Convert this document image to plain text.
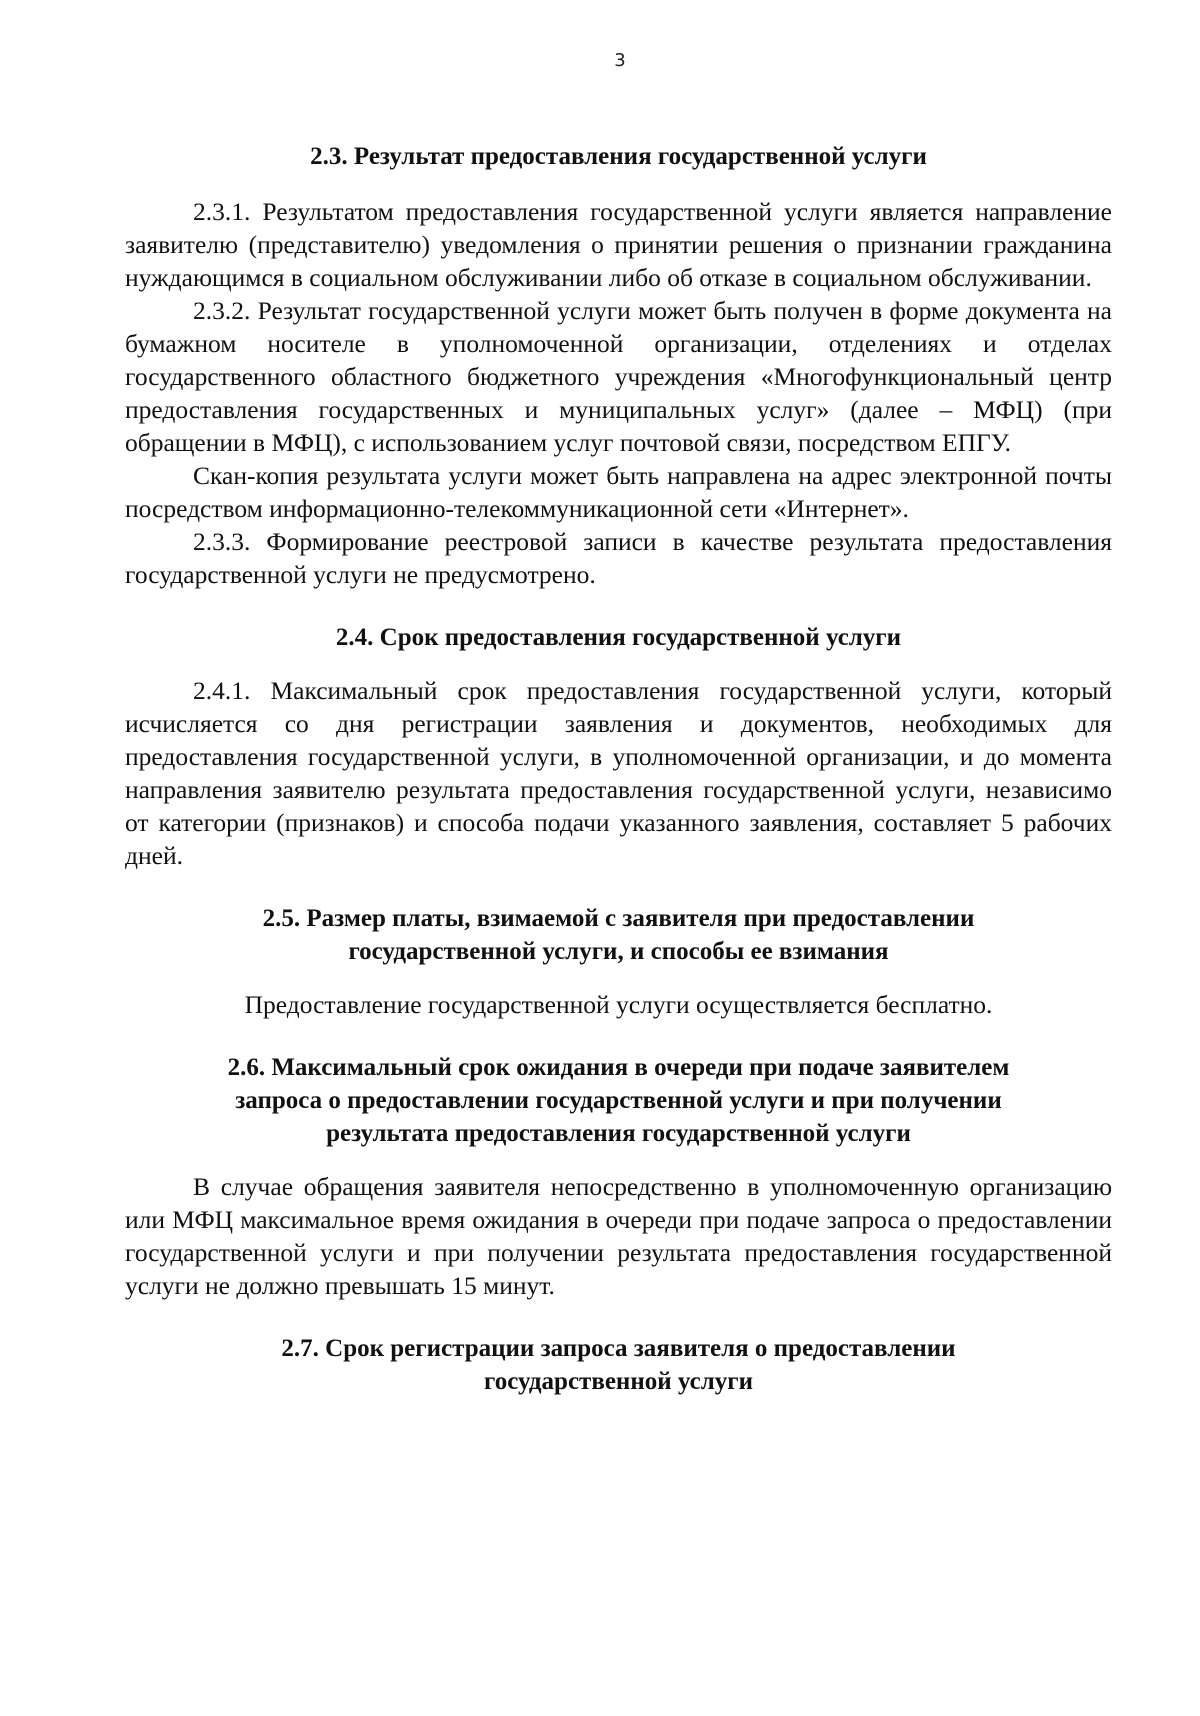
3
2.3. Результат предоставления государственной услуги

2.3.1. Результатом предоставления государственной услуги является направление заявителю (представителю) уведомления о принятии решения о признании гражданина нуждающимся в социальном обслуживании либо об отказе в социальном обслуживании.

2.3.2. Результат государственной услуги может быть получен в форме документа на бумажном носителе в уполномоченной организации, отделениях и отделах государственного областного бюджетного учреждения «Многофункциональный центр предоставления государственных и муниципальных услуг» (далее – МФЦ) (при обращении в МФЦ), с использованием услуг почтовой связи, посредством ЕПГУ.

Скан-копия результата услуги может быть направлена на адрес электронной почты посредством информационно-телекоммуникационной сети «Интернет».

2.3.3. Формирование реестровой записи в качестве результата предоставления государственной услуги не предусмотрено.

2.4. Срок предоставления государственной услуги

2.4.1. Максимальный срок предоставления государственной услуги, который исчисляется со дня регистрации заявления и документов, необходимых для предоставления государственной услуги, в уполномоченной организации, и до момента направления заявителю результата предоставления государственной услуги, независимо от категории (признаков) и способа подачи указанного заявления, составляет 5 рабочих дней.

2.5. Размер платы, взимаемой с заявителя при предоставлении
государственной услуги, и способы ее взимания

Предоставление государственной услуги осуществляется бесплатно.

2.6. Максимальный срок ожидания в очереди при подаче заявителем
запроса о предоставлении государственной услуги и при получении
результата предоставления государственной услуги

В случае обращения заявителя непосредственно в уполномоченную организацию или МФЦ максимальное время ожидания в очереди при подаче запроса о предоставлении государственной услуги и при получении результата предоставления государственной услуги не должно превышать 15 минут.

2.7. Срок регистрации запроса заявителя о предоставлении
государственной услуги
